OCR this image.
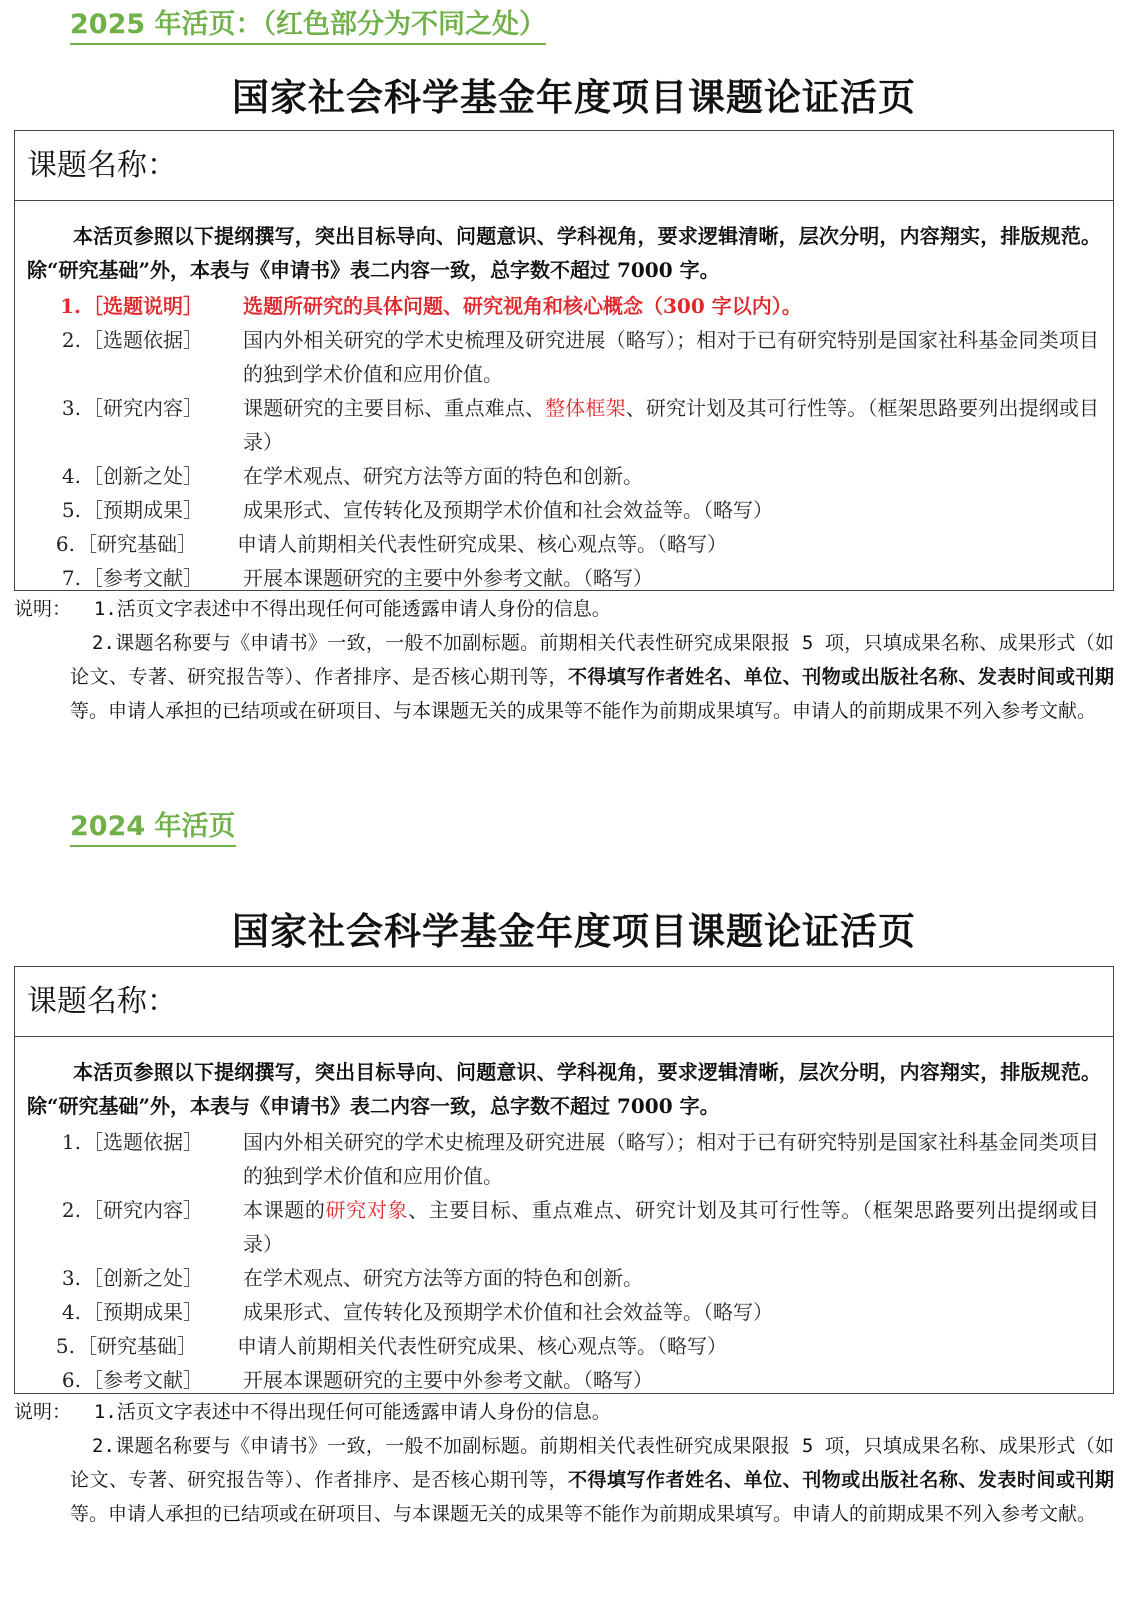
2025 年活页：（红色部分为不同之处）
国家社会科学基金年度项目课题论证活页
课题名称：

本活页参照以下提纲撰写，突出目标导向、问题意识、学科视角，要求逻辑清晰，层次分明，内容翔实，排版规范。除“研究基础”外，本表与《申请书》表二内容一致，总字数不超过 7000 字。

1. ［选题说明］	选题所研究的具体问题、研究视角和核心概念（300 字以内）。
2. ［选题依据］	国内外相关研究的学术史梳理及研究进展（略写）；相对于已有研究特别是国家社科基金同类项目的独到学术价值和应用价值。
3. ［研究内容］	课题研究的主要目标、重点难点、整体框架、研究计划及其可行性等。（框架思路要列出提纲或目录）
4. ［创新之处］	在学术观点、研究方法等方面的特色和创新。
5. ［预期成果］	成果形式、宣传转化及预期学术价值和社会效益等。（略写）
6. ［研究基础］	申请人前期相关代表性研究成果、核心观点等。（略写）
7. ［参考文献］	开展本课题研究的主要中外参考文献。（略写）
说明： 1.活页文字表述中不得出现任何可能透露申请人身份的信息。

2.课题名称要与《申请书》一致，一般不加副标题。前期相关代表性研究成果限报 5 项，只填成果名称、成果形式（如论文、专著、研究报告等）、作者排序、是否核心期刊等，不得填写作者姓名、单位、刊物或出版社名称、发表时间或刊期等。申请人承担的已结项或在研项目、与本课题无关的成果等不能作为前期成果填写。申请人的前期成果不列入参考文献。

2024 年活页
国家社会科学基金年度项目课题论证活页
课题名称：

本活页参照以下提纲撰写，突出目标导向、问题意识、学科视角，要求逻辑清晰，层次分明，内容翔实，排版规范。除“研究基础”外，本表与《申请书》表二内容一致，总字数不超过 7000 字。

1. ［选题依据］	国内外相关研究的学术史梳理及研究进展（略写）；相对于已有研究特别是国家社科基金同类项目的独到学术价值和应用价值。
2. ［研究内容］	本课题的研究对象、主要目标、重点难点、研究计划及其可行性等。（框架思路要列出提纲或目录）
3. ［创新之处］	在学术观点、研究方法等方面的特色和创新。
4. ［预期成果］	成果形式、宣传转化及预期学术价值和社会效益等。（略写）
5. ［研究基础］	申请人前期相关代表性研究成果、核心观点等。（略写）
6. ［参考文献］	开展本课题研究的主要中外参考文献。（略写）
说明： 1.活页文字表述中不得出现任何可能透露申请人身份的信息。

2.课题名称要与《申请书》一致，一般不加副标题。前期相关代表性研究成果限报 5 项，只填成果名称、成果形式（如论文、专著、研究报告等）、作者排序、是否核心期刊等，不得填写作者姓名、单位、刊物或出版社名称、发表时间或刊期等。申请人承担的已结项或在研项目、与本课题无关的成果等不能作为前期成果填写。申请人的前期成果不列入参考文献。
